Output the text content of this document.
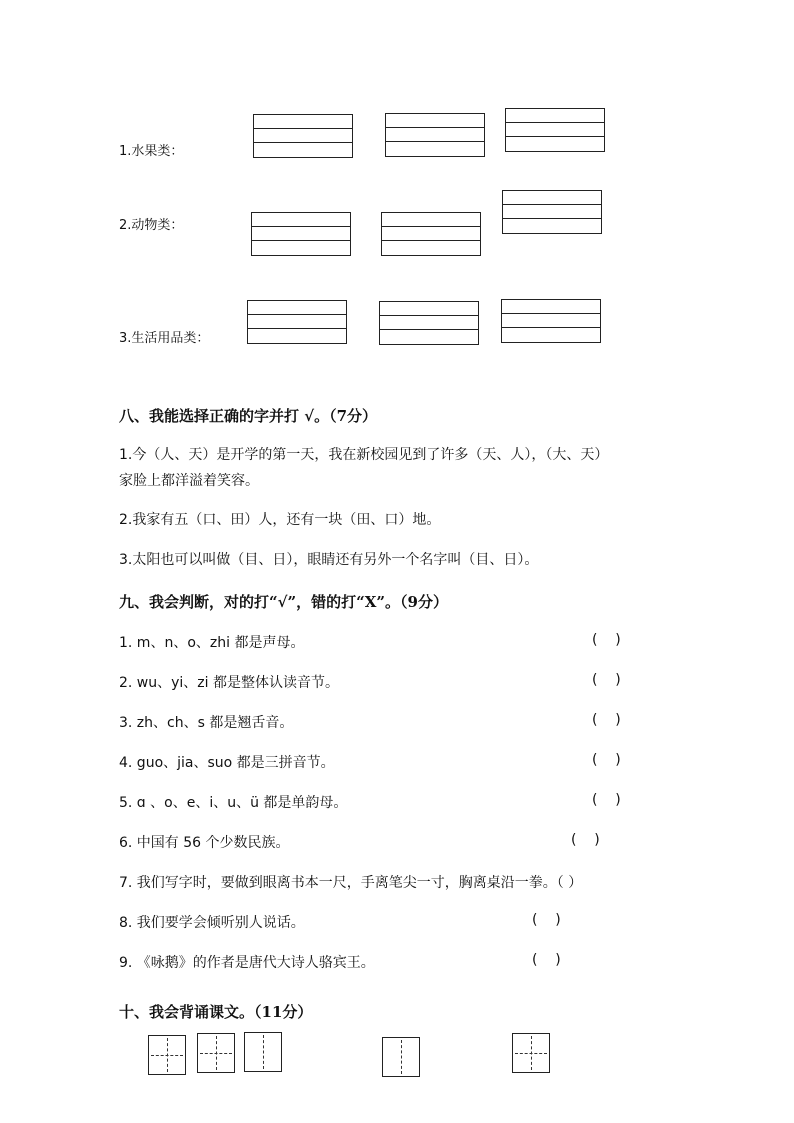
1.水果类：
2.动物类：
3.生活用品类：
八、我能选择正确的字并打 √。（7分）
1.今（人、天）是开学的第一天，我在新校园见到了许多（天、人），（大、天）
家脸上都洋溢着笑容。
2.我家有五（口、田）人，还有一块（田、口）地。
3.太阳也可以叫做（目、日），眼睛还有另外一个名字叫（目、日）。
九、我会判断，对的打“√”，错的打“X”。（9分）
1. m、n、o、zhi 都是声母。	(    )
2. wu、yi、zi 都是整体认读音节。	(    )
3. zh、ch、s 都是翘舌音。	(    )
4. guo、jia、suo 都是三拼音节。	(    )
5. ɑ 、o、e、i、u、ü 都是单韵母。	(    )
6. 中国有 56 个少数民族。	(    )
7. 我们写字时，要做到眼离书本一尺，手离笔尖一寸，胸离桌沿一拳。（ ）
8. 我们要学会倾听别人说话。	(    )
9. 《咏鹅》的作者是唐代大诗人骆宾王。	(    )
十、我会背诵课文。（11分）
